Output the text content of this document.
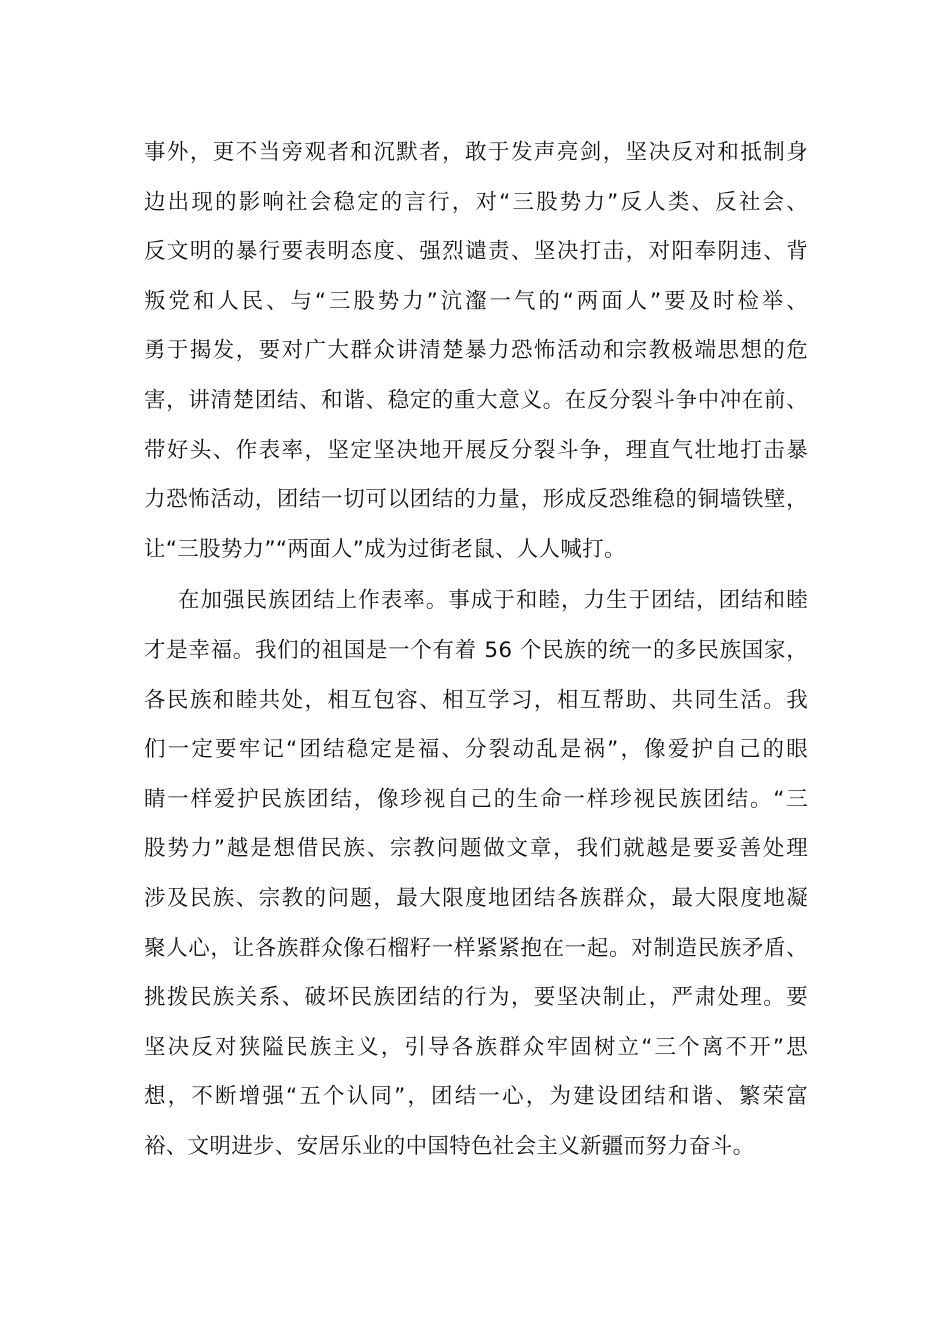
事外，更不当旁观者和沉默者，敢于发声亮剑，坚决反对和抵制身
边出现的影响社会稳定的言行，对“三股势力”反人类、反社会、
反文明的暴行要表明态度、强烈谴责、坚决打击，对阳奉阴违、背
叛党和人民、与“三股势力”沆瀣一气的“两面人”要及时检举、
勇于揭发，要对广大群众讲清楚暴力恐怖活动和宗教极端思想的危
害，讲清楚团结、和谐、稳定的重大意义。在反分裂斗争中冲在前、
带好头、作表率，坚定坚决地开展反分裂斗争，理直气壮地打击暴
力恐怖活动，团结一切可以团结的力量，形成反恐维稳的铜墙铁壁，
让“三股势力”“两面人”成为过街老鼠、人人喊打。
在加强民族团结上作表率。事成于和睦，力生于团结，团结和睦
才是幸福。我们的祖国是一个有着 56 个民族的统一的多民族国家，
各民族和睦共处，相互包容、相互学习，相互帮助、共同生活。我
们一定要牢记“团结稳定是福、分裂动乱是祸”，像爱护自己的眼
睛一样爱护民族团结，像珍视自己的生命一样珍视民族团结。“三
股势力”越是想借民族、宗教问题做文章，我们就越是要妥善处理
涉及民族、宗教的问题，最大限度地团结各族群众，最大限度地凝
聚人心，让各族群众像石榴籽一样紧紧抱在一起。对制造民族矛盾、
挑拨民族关系、破坏民族团结的行为，要坚决制止，严肃处理。要
坚决反对狭隘民族主义，引导各族群众牢固树立“三个离不开”思
想，不断增强“五个认同”，团结一心，为建设团结和谐、繁荣富
裕、文明进步、安居乐业的中国特色社会主义新疆而努力奋斗。
